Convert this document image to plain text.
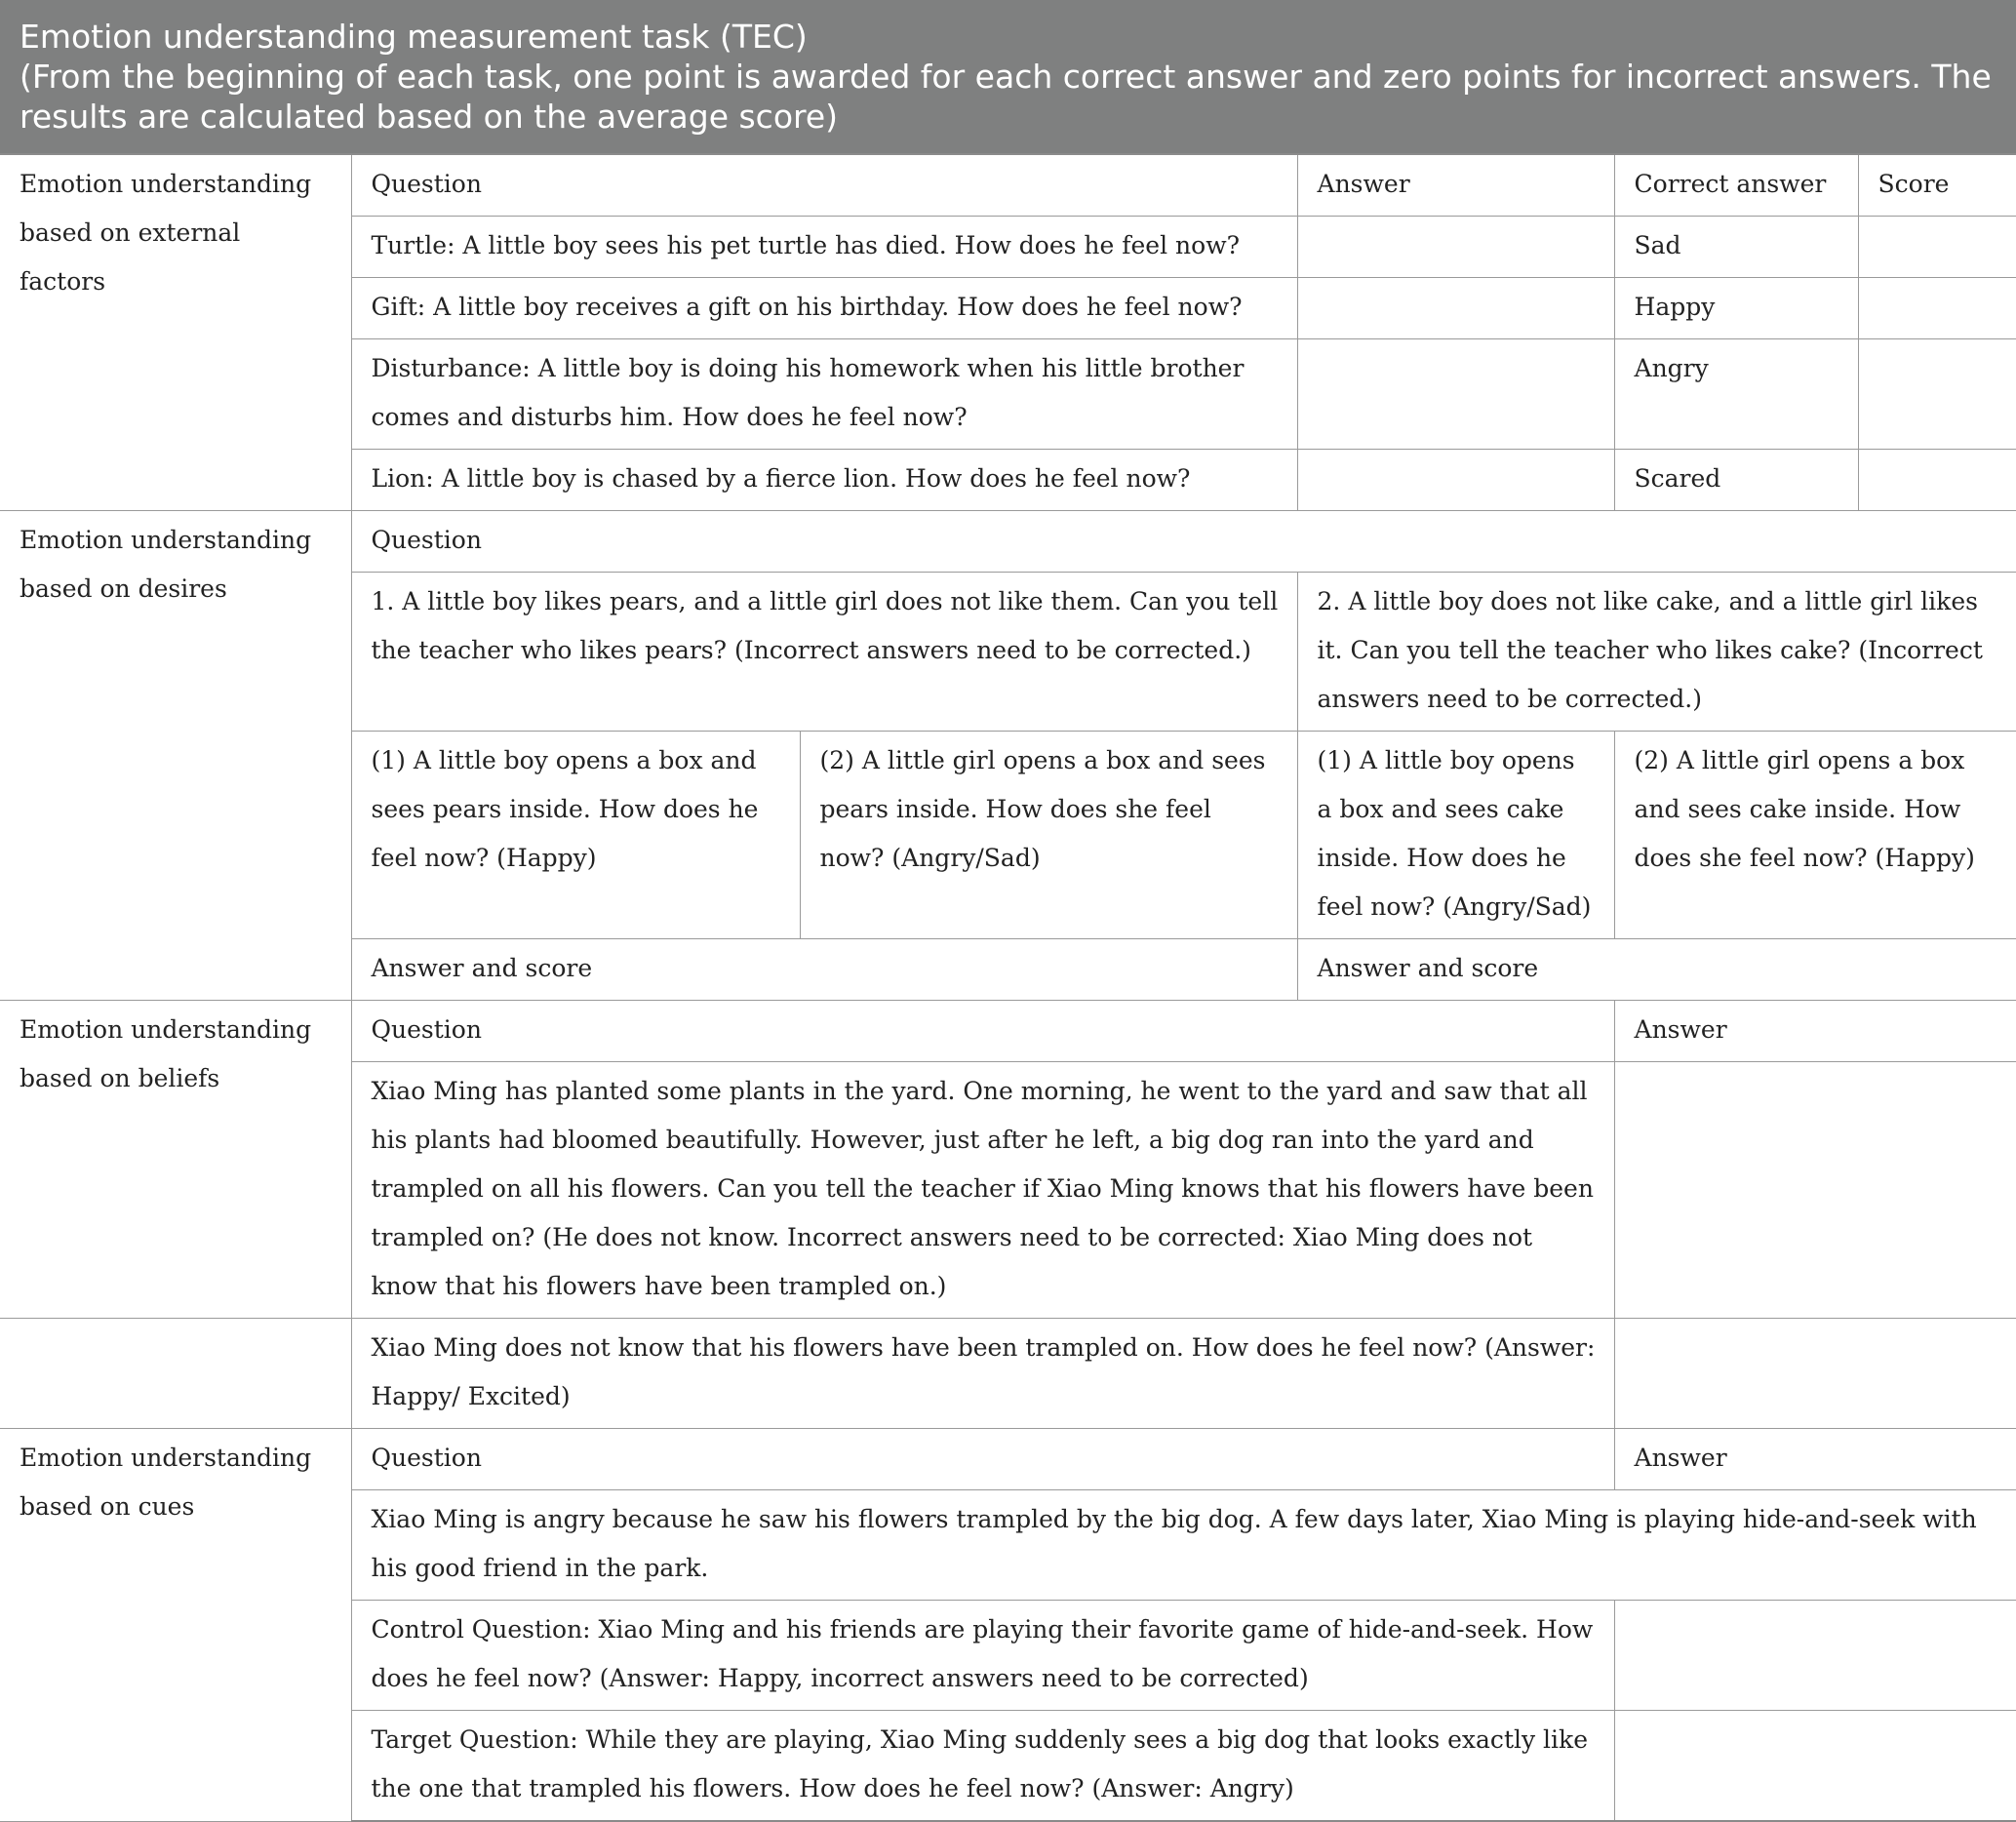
Emotion understanding measurement task (TEC)
(From the beginning of each task, one point is awarded for each correct answer and zero points for incorrect answers. The results are calculated based on the average score)
Emotion understanding based on external factors	Question		Answer	Correct answer	Score
	Turtle: A little boy sees his pet turtle has died. How does he feel now?			Sad	
	Gift: A little boy receives a gift on his birthday. How does he feel now?			Happy	
	Disturbance: A little boy is doing his homework when his little brother comes and disturbs him. How does he feel now?			Angry	
	Lion: A little boy is chased by a fierce lion. How does he feel now?			Scared	
Emotion understanding based on desires	Question				
	1. A little boy likes pears, and a little girl does not like them. Can you tell the teacher who likes pears? (Incorrect answers need to be corrected.)		2. A little boy does not like cake, and a little girl likes it. Can you tell the teacher who likes cake? (Incorrect answers need to be corrected.)		
	(1) A little boy opens a box and sees pears inside. How does he feel now? (Happy)	(2) A little girl opens a box and sees pears inside. How does she feel now? (Angry/Sad)	(1) A little boy opens a box and sees cake inside. How does he feel now? (Angry/Sad)	(2) A little girl opens a box and sees cake inside. How does she feel now? (Happy)	
	Answer and score		Answer and score		
Emotion understanding based on beliefs	Question			Answer	
	Xiao Ming has planted some plants in the yard. One morning, he went to the yard and saw that all his plants had bloomed beautifully. However, just after he left, a big dog ran into the yard and trampled on all his flowers. Can you tell the teacher if Xiao Ming knows that his flowers have been trampled on? (He does not know. Incorrect answers need to be corrected: Xiao Ming does not know that his flowers have been trampled on.)				
	Xiao Ming does not know that his flowers have been trampled on. How does he feel now? (Answer: Happy/ Excited)				
Emotion understanding based on cues	Question			Answer	
	Xiao Ming is angry because he saw his flowers trampled by the big dog. A few days later, Xiao Ming is playing hide-and-seek with his good friend in the park.				
	Control Question: Xiao Ming and his friends are playing their favorite game of hide-and-seek. How does he feel now? (Answer: Happy, incorrect answers need to be corrected)				
	Target Question: While they are playing, Xiao Ming suddenly sees a big dog that looks exactly like the one that trampled his flowers. How does he feel now? (Answer: Angry)				
